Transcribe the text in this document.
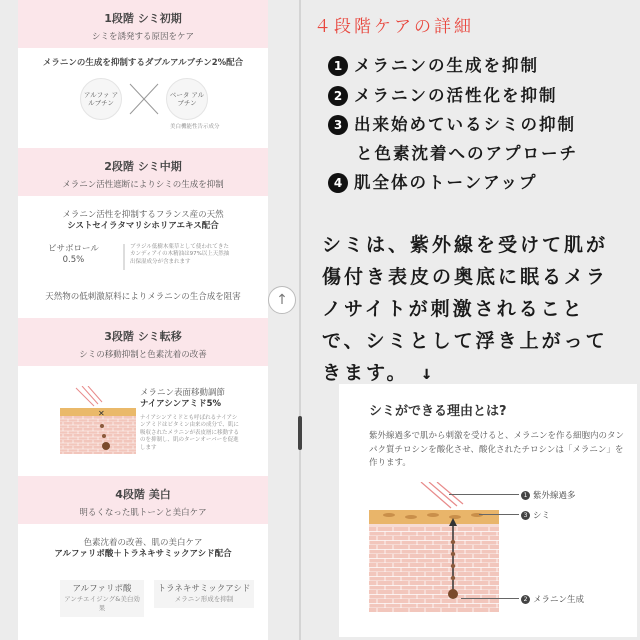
1段階 シミ初期
シミを誘発する原因をケア
メラニンの生成を抑制するダブルアルブチン2%配合
アルファ アルブチン
ベータ アルブチン
美白機能性告示成分
2段階 シミ中期
メラニン活性遮断によりシミの生成を抑制
メラニン活性を抑制するフランス産の天然
シストセイラタマリシホリアエキス配合
ビサボロール
0.5%
ブラジル低樹木薬草として使われてきたカンディアイの木精油は97%以上天然抽出保湿成分が含まれます
天然物の低刺激原料によりメラニンの生合成を阻害
3段階 シミ転移
シミの移動抑制と色素沈着の改善
✕
メラニン表面移動調節
ナイアシンアミド5%
ナイアシンアミドとも呼ばれるナイアシンアミドはビタミン由来の成分で、肌に吸収されたメラニンが表皮層に移動するのを抑制し、肌のターンオーバーを促進します
4段階 美白
明るくなった肌トーンと美白ケア
色素沈着の改善、肌の美白ケア
アルファリポ酸＋トラネキサミックアシド配合
アルファリポ酸
アンチエイジング&美白効果
トラネキサミックアシド
メラニン形成を抑制
↑
４段階ケアの詳細
1 メラニンの生成を抑制
2 メラニンの活性化を抑制
3 出来始めているシミの抑制
と色素沈着へのアプローチ
4 肌全体のトーンアップ
シミは、紫外線を受けて肌が
傷付き表皮の奥底に眠るメラ
ノサイトが刺激されること
で、シミとして浮き上がって
きます。　↓
シミができる理由とは?
紫外線過多で肌から刺激を受けると、メラニンを作る細胞内のタンパク質チロシンを酸化させ、酸化されたチロシンは「メラニン」を作ります。
1 紫外線過多
3 シミ
2 メラニン生成
